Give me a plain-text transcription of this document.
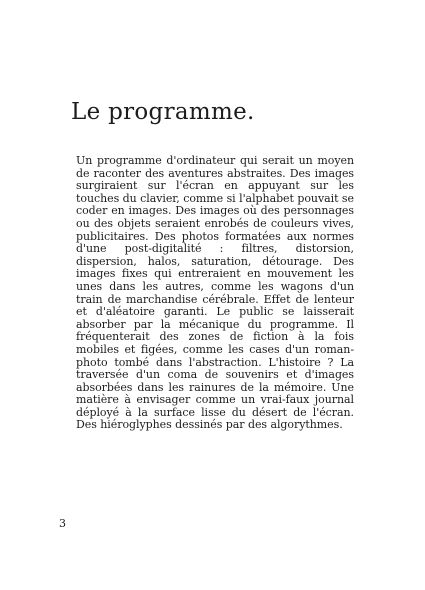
Le programme.

Un programme d'ordinateur qui serait un moyen de raconter des aventures abstraites. Des images surgiraient sur l'écran en appuyant sur les touches du clavier, comme si l'alphabet pouvait se coder en images. Des images où des personnages ou des objets seraient enrobés de couleurs vives, publicitaires. Des photos formatées aux normes d'une post-digitalité : filtres, distorsion, dispersion, halos, saturation, détourage. Des images fixes qui entreraient en mouvement les unes dans les autres, comme les wagons d'un train de marchandise cérébrale. Effet de lenteur et d'aléatoire garanti. Le public se laisserait absorber par la mécanique du programme. Il fréquenterait des zones de fiction à la fois mobiles et figées, comme les cases d'un roman-photo tombé dans l'abstraction. L'histoire ? La traversée d'un coma de souvenirs et d'images absorbées dans les rainures de la mémoire. Une matière à envisager comme un vrai-faux journal déployé à la surface lisse du désert de l'écran. Des hiéroglyphes dessinés par des algorythmes.

3
